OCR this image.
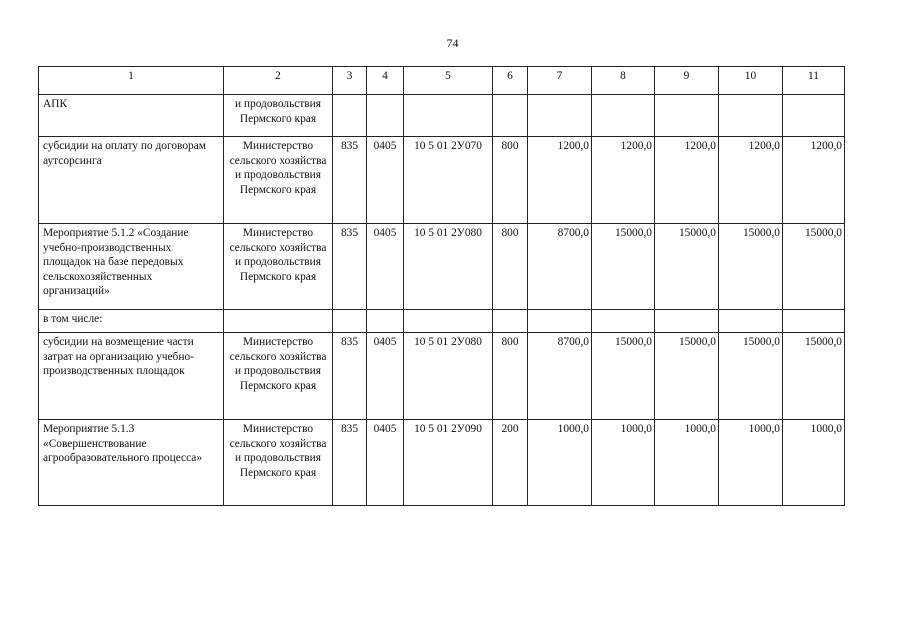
74
1	2	3	4	5	6	7	8	9	10	11
АПК	и продовольствия Пермского края									
субсидии на оплату по договорам аутсорсинга	Министерство сельского хозяйства и продовольствия Пермского края	835	0405	10 5 01 2У070	800	1200,0	1200,0	1200,0	1200,0	1200,0
Мероприятие 5.1.2 «Создание учебно-производственных площадок на базе передовых сельскохозяйственных организаций»	Министерство сельского хозяйства и продовольствия Пермского края	835	0405	10 5 01 2У080	800	8700,0	15000,0	15000,0	15000,0	15000,0
в том числе:										
субсидии на возмещение части затрат на организацию учебно-производственных площадок	Министерство сельского хозяйства и продовольствия Пермского края	835	0405	10 5 01 2У080	800	8700,0	15000,0	15000,0	15000,0	15000,0
Мероприятие 5.1.3 «Совершенствование агрообразовательного процесса»	Министерство сельского хозяйства и продовольствия Пермского края	835	0405	10 5 01 2У090	200	1000,0	1000,0	1000,0	1000,0	1000,0
